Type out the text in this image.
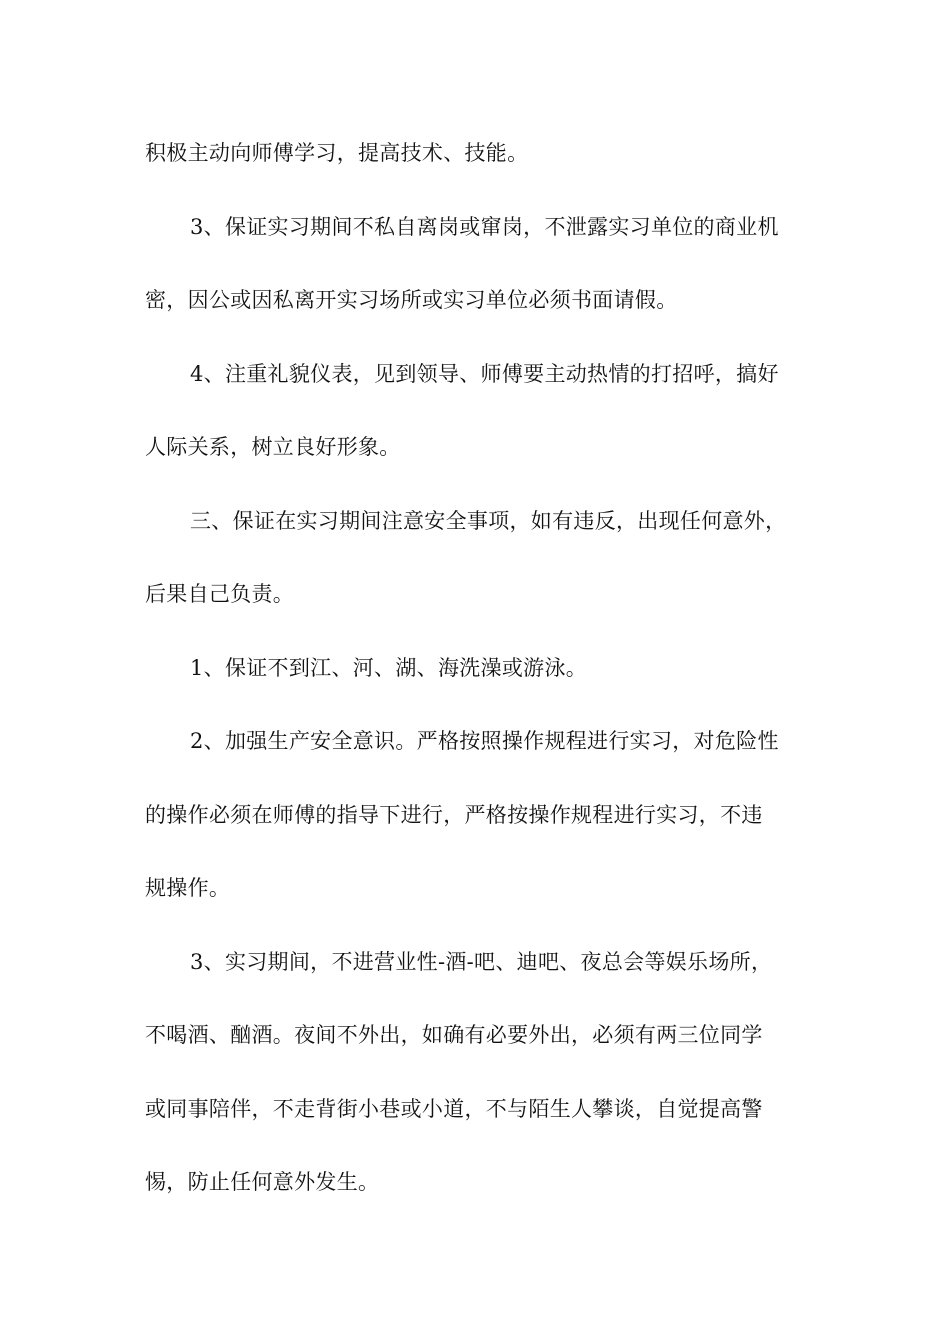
积极主动向师傅学习，提高技术、技能。
3、保证实习期间不私自离岗或窜岗，不泄露实习单位的商业机
密，因公或因私离开实习场所或实习单位必须书面请假。
4、注重礼貌仪表，见到领导、师傅要主动热情的打招呼，搞好
人际关系，树立良好形象。
三、保证在实习期间注意安全事项，如有违反，出现任何意外，
后果自己负责。
1、保证不到江、河、湖、海洗澡或游泳。
2、加强生产安全意识。严格按照操作规程进行实习，对危险性
的操作必须在师傅的指导下进行，严格按操作规程进行实习，不违
规操作。
3、实习期间，不进营业性-酒-吧、迪吧、夜总会等娱乐场所，
不喝酒、酗酒。夜间不外出，如确有必要外出，必须有两三位同学
或同事陪伴，不走背街小巷或小道，不与陌生人攀谈，自觉提高警
惕，防止任何意外发生。
